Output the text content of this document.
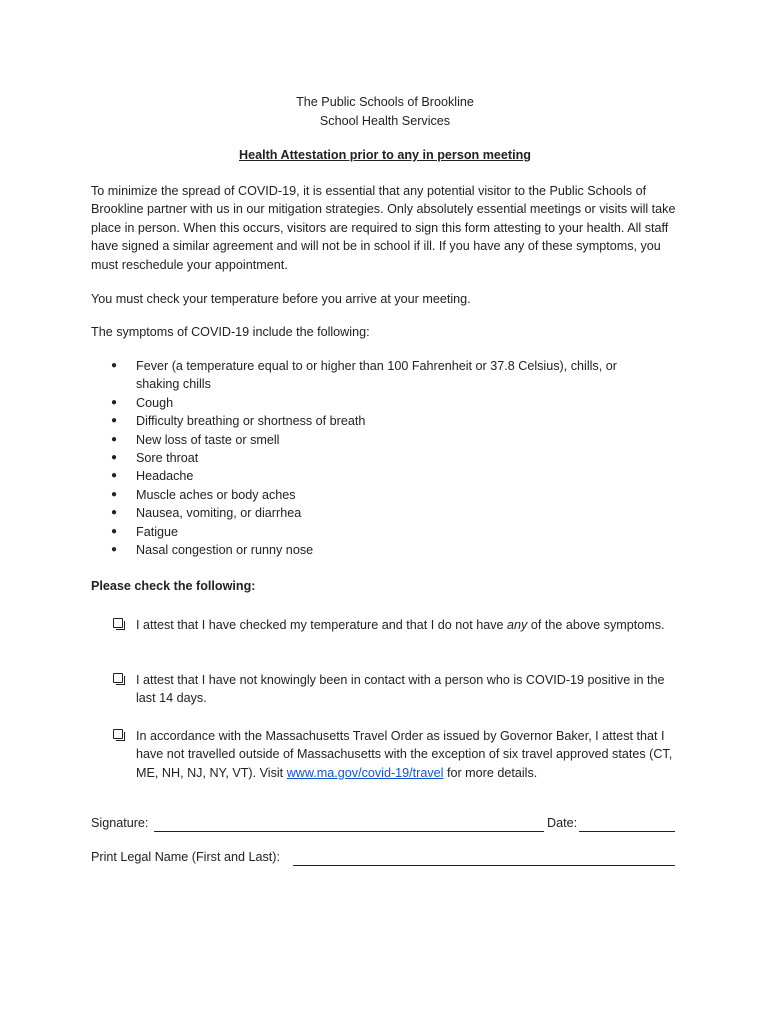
The Public Schools of Brookline
School Health Services
Health Attestation prior to any in person meeting
To minimize the spread of COVID-19, it is essential that any potential visitor to the Public Schools of Brookline partner with us in our mitigation strategies. Only absolutely essential meetings or visits will take place in person. When this occurs, visitors are required to sign this form attesting to your health. All staff have signed a similar agreement and will not be in school if ill. If you have any of these symptoms, you must reschedule your appointment.
You must check your temperature before you arrive at your meeting.
The symptoms of COVID-19 include the following:
● Fever (a temperature equal to or higher than 100 Fahrenheit or 37.8 Celsius), chills, or shaking chills
● Cough
● Difficulty breathing or shortness of breath
● New loss of taste or smell
● Sore throat
● Headache
● Muscle aches or body aches
● Nausea, vomiting, or diarrhea
● Fatigue
● Nasal congestion or runny nose
Please check the following:
I attest that I have checked my temperature and that I do not have any of the above symptoms.
I attest that I have not knowingly been in contact with a person who is COVID-19 positive in the last 14 days.
In accordance with the Massachusetts Travel Order as issued by Governor Baker, I attest that I have not travelled outside of Massachusetts with the exception of six travel approved states (CT, ME, NH, NJ, NY, VT). Visit www.ma.gov/covid-19/travel for more details.
Signature:	Date:
Print Legal Name (First and Last):
